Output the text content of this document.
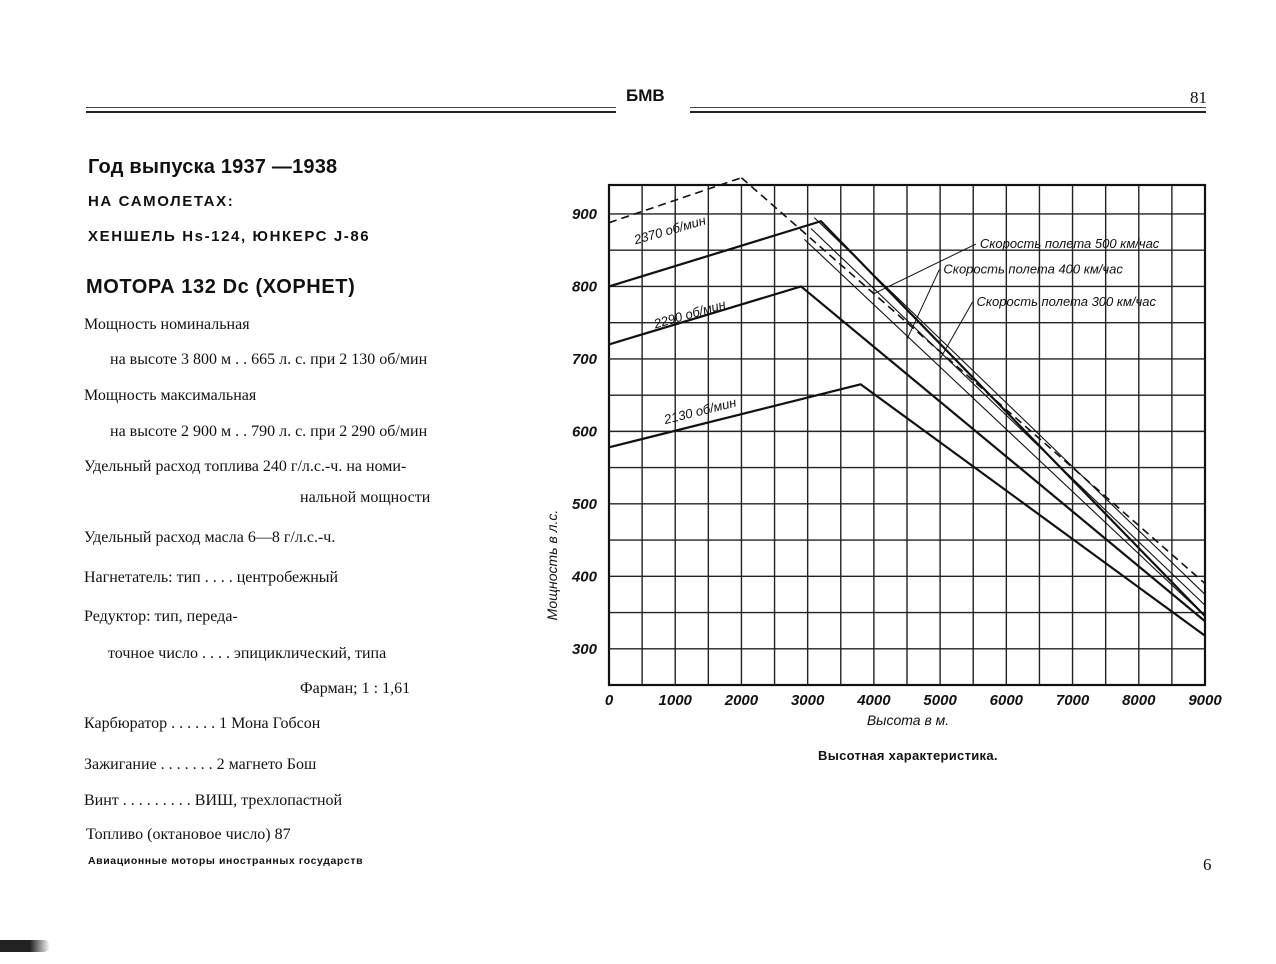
БМВ	81
Год выпуска 1937 —1938
НА САМОЛЕТАХ:
ХЕНШЕЛЬ Hs-124, ЮНКЕРС J-86
МОТОРА 132 Dc (ХОРНЕТ)
Мощность номинальная
на высоте 3 800 м . . 665 л. с. при 2 130 об/мин
Мощность максимальная
на высоте 2 900 м . . 790 л. с. при 2 290 об/мин
Удельный расход топлива 240 г/л.с.-ч. на номи-
нальной мощности
Удельный расход масла 6—8 г/л.с.-ч.
Нагнетатель: тип . . . . центробежный
Редуктор: тип, переда-
точное число . . . . эпициклический, типа
Фарман; 1 : 1,61
Карбюратор . . . . . . 1 Мона Гобсон
Зажигание . . . . . . . 2 магнето Бош
Винт . . . . . . . . . ВИШ, трехлопастной
Топливо (октановое число) 87
Авиационные моторы иностранных государств	6
0	1000 2000 3000 4000 5000 6000 7000 8000 9000
300
400
500
600
700
800
900	2370 об/мин
2290 об/мин
2130 об/мин
Скорость полета 500 км/час
Скорость полета 400 км/час
Скорость полета 300 км/час
Высота в м.
Мощность в л.с.
Высотная характеристика.
